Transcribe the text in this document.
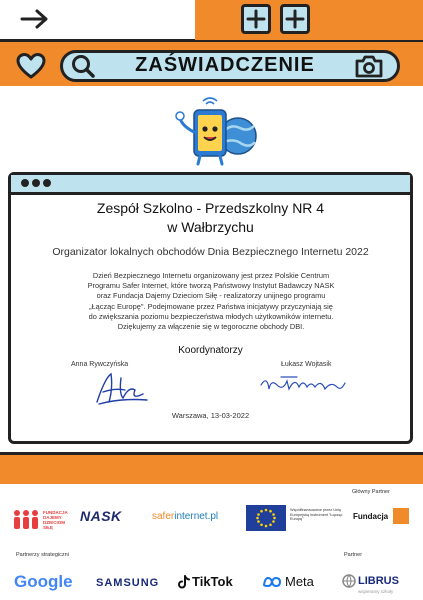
ZAŚWIADCZENIE
Zespół Szkolno - Przedszkolny NR 4
w Wałbrzychu
Organizator lokalnych obchodów Dnia Bezpiecznego Internetu 2022
Dzień Bezpiecznego Internetu organizowany jest przez Polskie Centrum
Programu Safer Internet, które tworzą Państwowy Instytut Badawczy NASK
oraz Fundacja Dajemy Dzieciom Siłę - realizatorzy unijnego programu
„Łącząc Europę". Podejmowane przez Państwa inicjatywy przyczyniają się
do zwiększania poziomu bezpieczeństwa młodych użytkowników internetu.
Dziękujemy za włączenie się w tegoroczne obchody DBI.
Koordynatorzy
Anna Rywczyńska	Łukasz Wojtasik
Warszawa, 13-03-2022
Główny Partner
Partnerzy strategiczni	Partner
FUNDACJA
DAJEMY
DZIECIOM
SIŁĘ
NASK	safer internet.pl
Współfinansowane przez Unię Europejską Instrument "Łącząc Europę"	Fundacja
Google SAMSUNG	TikTok	Meta	LIBRUS
wspieramy szkoły
